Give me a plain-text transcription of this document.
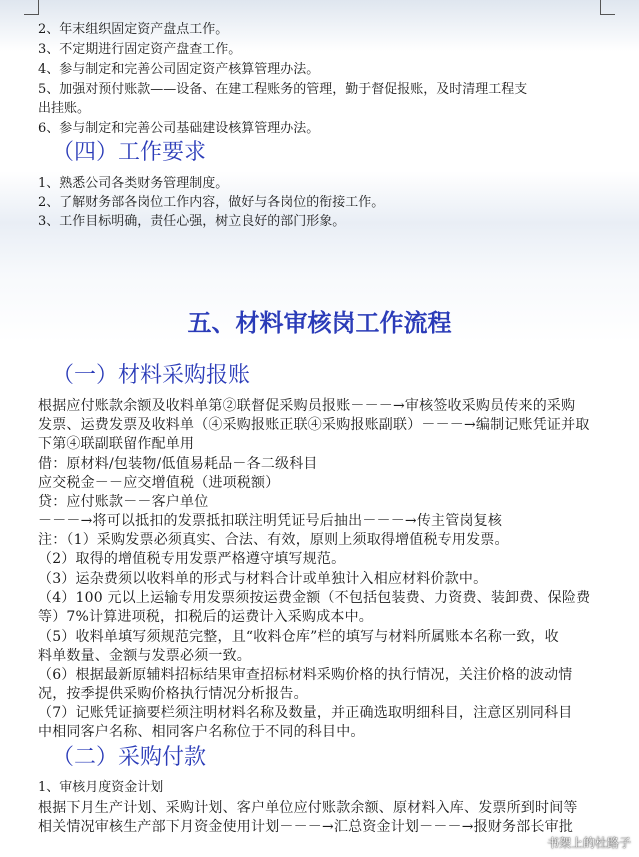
2、年末组织固定资产盘点工作。
3、不定期进行固定资产盘查工作。
4、参与制定和完善公司固定资产核算管理办法。
5、加强对预付账款——设备、在建工程账务的管理，勤于督促报账，及时清理工程支
出挂账。
6、参与制定和完善公司基础建设核算管理办法。
（四）工作要求
1、熟悉公司各类财务管理制度。
2、了解财务部各岗位工作内容，做好与各岗位的衔接工作。
3、工作目标明确，责任心强，树立良好的部门形象。
五、材料审核岗工作流程
（一）材料采购报账
根据应付账款余额及收料单第②联督促采购员报账－－－→审核签收采购员传来的采购
发票、运费发票及收料单（④采购报账正联④采购报账副联）－－－→编制记账凭证并取
下第④联副联留作配单用
借：原材料/包装物/低值易耗品－各二级科目
应交税金－－应交增值税（进项税额）
贷：应付账款－－客户单位
－－－→将可以抵扣的发票抵扣联注明凭证号后抽出－－－→传主管岗复核
注：（1）采购发票必须真实、合法、有效，原则上须取得增值税专用发票。
（2）取得的增值税专用发票严格遵守填写规范。
（3）运杂费须以收料单的形式与材料合计或单独计入相应材料价款中。
（4）100 元以上运输专用发票须按运费金额（不包括包装费、力资费、装卸费、保险费
等）7%计算进项税，扣税后的运费计入采购成本中。
（5）收料单填写须规范完整，且“收料仓库”栏的填写与材料所属账本名称一致，收
料单数量、金额与发票必须一致。
（6）根据最新原辅料招标结果审查招标材料采购价格的执行情况，关注价格的波动情
况，按季提供采购价格执行情况分析报告。
（7）记账凭证摘要栏须注明材料名称及数量，并正确选取明细科目，注意区别同科目
中相同客户名称、相同客户名称位于不同的科目中。
（二）采购付款
1、审核月度资金计划
根据下月生产计划、采购计划、客户单位应付账款余额、原材料入库、发票所到时间等
相关情况审核生产部下月资金使用计划－－－→汇总资金计划－－－→报财务部长审批
书架上的杜路子
